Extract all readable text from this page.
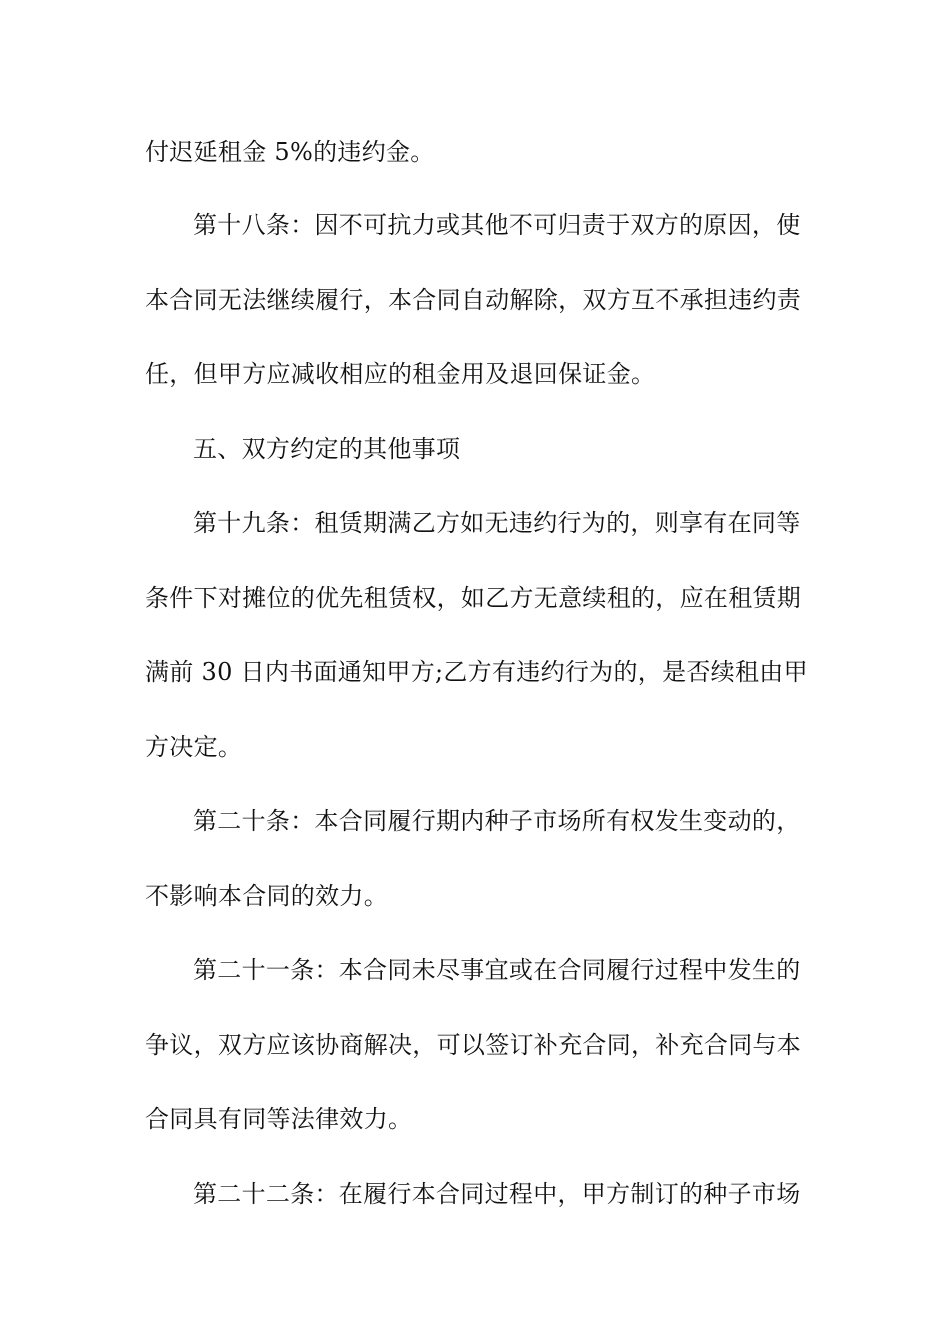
付迟延租金 5%的违约金。
第十八条：因不可抗力或其他不可归责于双方的原因，使
本合同无法继续履行，本合同自动解除，双方互不承担违约责
任，但甲方应减收相应的租金用及退回保证金。
五、双方约定的其他事项
第十九条：租赁期满乙方如无违约行为的，则享有在同等
条件下对摊位的优先租赁权，如乙方无意续租的，应在租赁期
满前 30 日内书面通知甲方;乙方有违约行为的，是否续租由甲
方决定。
第二十条：本合同履行期内种子市场所有权发生变动的，
不影响本合同的效力。
第二十一条：本合同未尽事宜或在合同履行过程中发生的
争议，双方应该协商解决，可以签订补充合同，补充合同与本
合同具有同等法律效力。
第二十二条：在履行本合同过程中，甲方制订的种子市场
